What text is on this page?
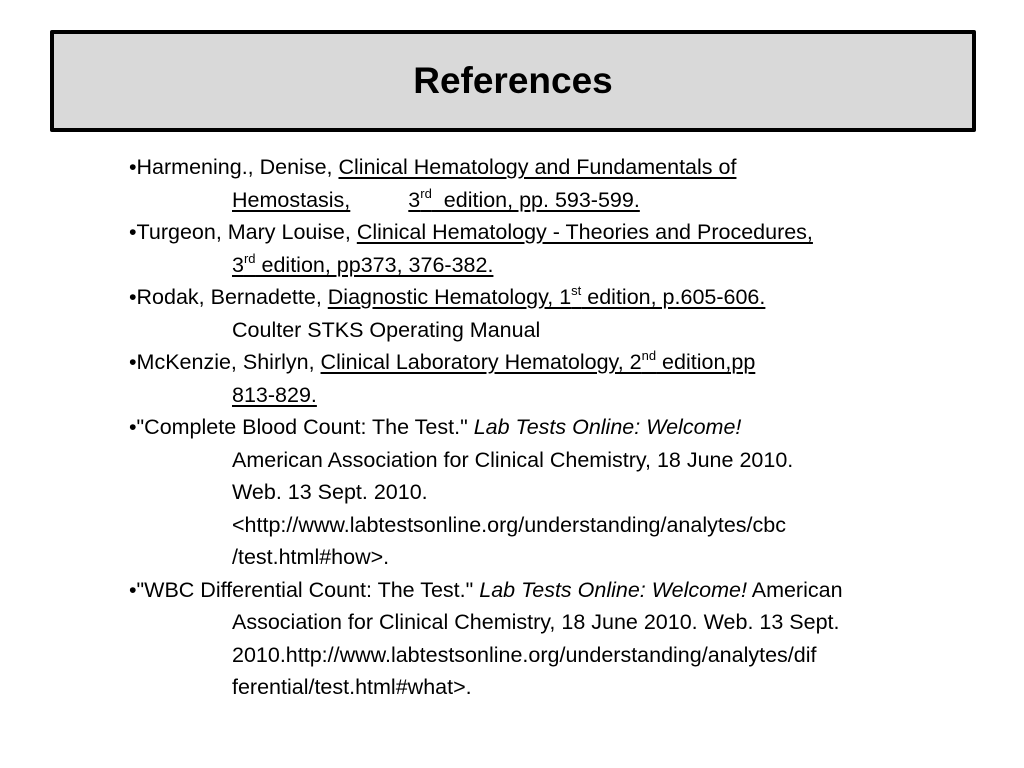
References
•Harmening., Denise, Clinical Hematology and Fundamentals of
Hemostasis,	3rd  edition, pp. 593-599.
•Turgeon, Mary Louise, Clinical Hematology - Theories and Procedures,
3rd edition, pp373, 376-382.
•Rodak, Bernadette, Diagnostic Hematology, 1st edition, p.605-606.
Coulter STKS Operating Manual
•McKenzie, Shirlyn, Clinical Laboratory Hematology, 2nd edition,pp
813-829.
•"Complete Blood Count: The Test." Lab Tests Online: Welcome!
American Association for Clinical Chemistry, 18 June 2010.
Web. 13 Sept. 2010.
<http://www.labtestsonline.org/understanding/analytes/cbc
/test.html#how>.
•"WBC Differential Count: The Test." Lab Tests Online: Welcome! American
Association for Clinical Chemistry, 18 June 2010. Web. 13 Sept.
2010.http://www.labtestsonline.org/understanding/analytes/dif
ferential/test.html#what>.
